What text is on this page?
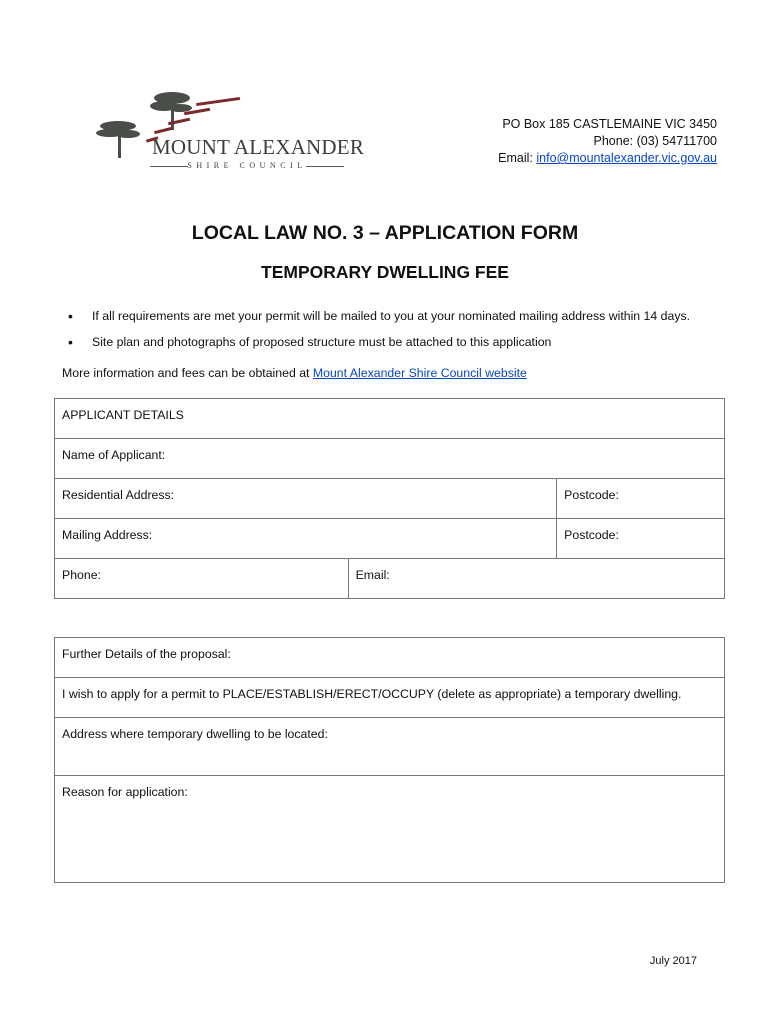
MOUNT ALEXANDER
SHIRE COUNCIL
PO Box 185 CASTLEMAINE VIC 3450
Phone: (03) 54711700
Email: info@mountalexander.vic.gov.au
LOCAL LAW NO. 3 – APPLICATION FORM
TEMPORARY DWELLING FEE
• If all requirements are met your permit will be mailed to you at your nominated mailing address within 14 days.
• Site plan and photographs of proposed structure must be attached to this application
More information and fees can be obtained at Mount Alexander Shire Council website
APPLICANT DETAILS		

Name of Applicant:		

Residential Address:		Postcode:

Mailing Address:		Postcode:

Phone:	Email:	
Further Details of the proposal:

I wish to apply for a permit to PLACE/ESTABLISH/ERECT/OCCUPY (delete as appropriate) a temporary dwelling.

Address where temporary dwelling to be located:

Reason for application:
July 2017
